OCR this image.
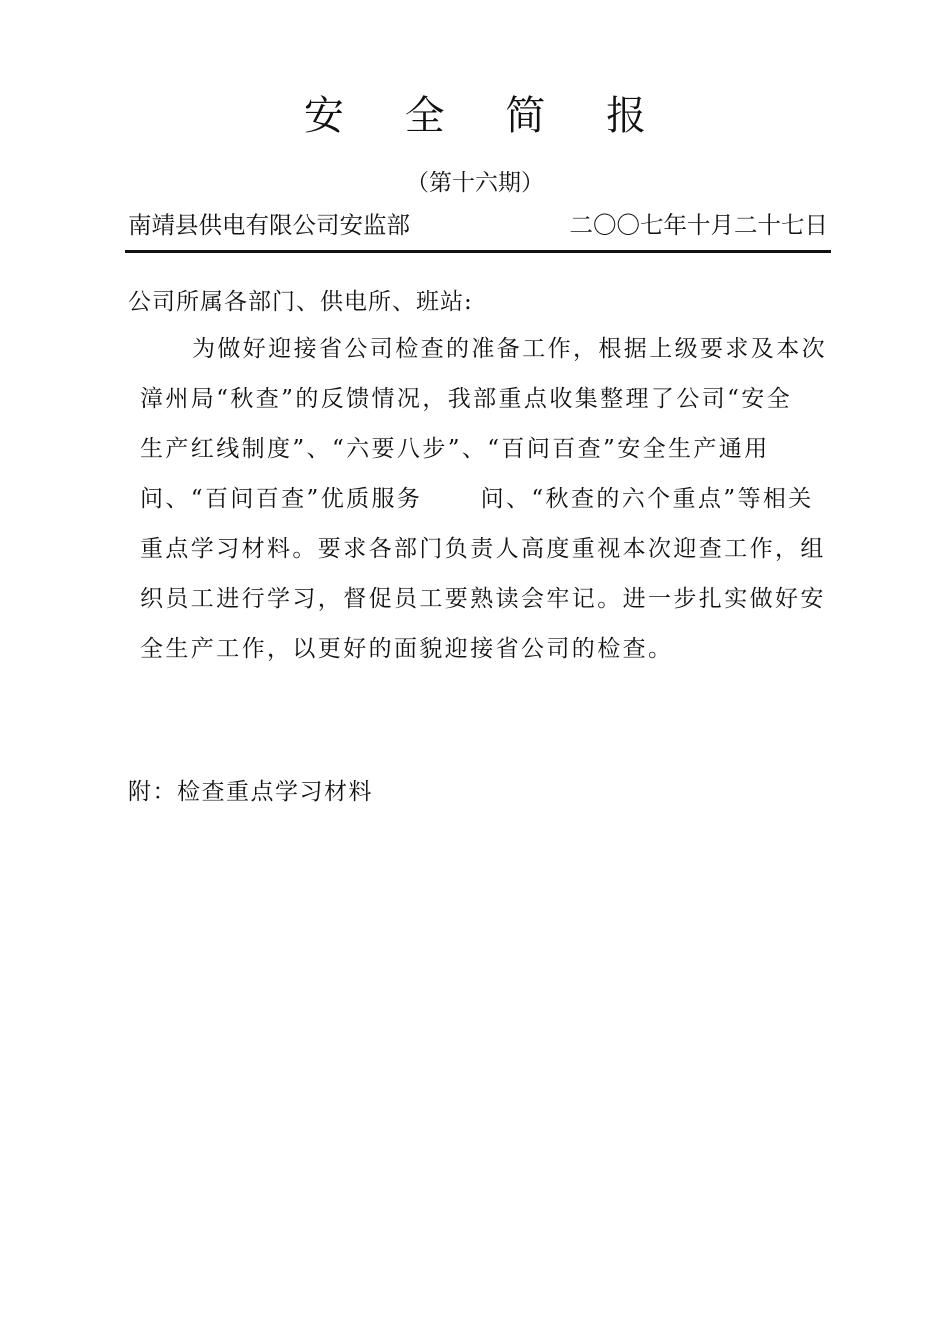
安 全 简 报
（第十六期）
南靖县供电有限公司安监部	二〇〇七年十月二十七日
公司所属各部门、供电所、班站:
为做好迎接省公司检查的准备工作，根据上级要求及本次
漳州局“秋查”的反馈情况，我部重点收集整理了公司“安全
生产红线制度”、“六要八步”、“百问百查”安全生产通用
问、“百问百查”优质服务      问、“秋查的六个重点”等相关
重点学习材料。要求各部门负责人高度重视本次迎查工作，组
织员工进行学习，督促员工要熟读会牢记。进一步扎实做好安
全生产工作，以更好的面貌迎接省公司的检查。
附：检查重点学习材料
